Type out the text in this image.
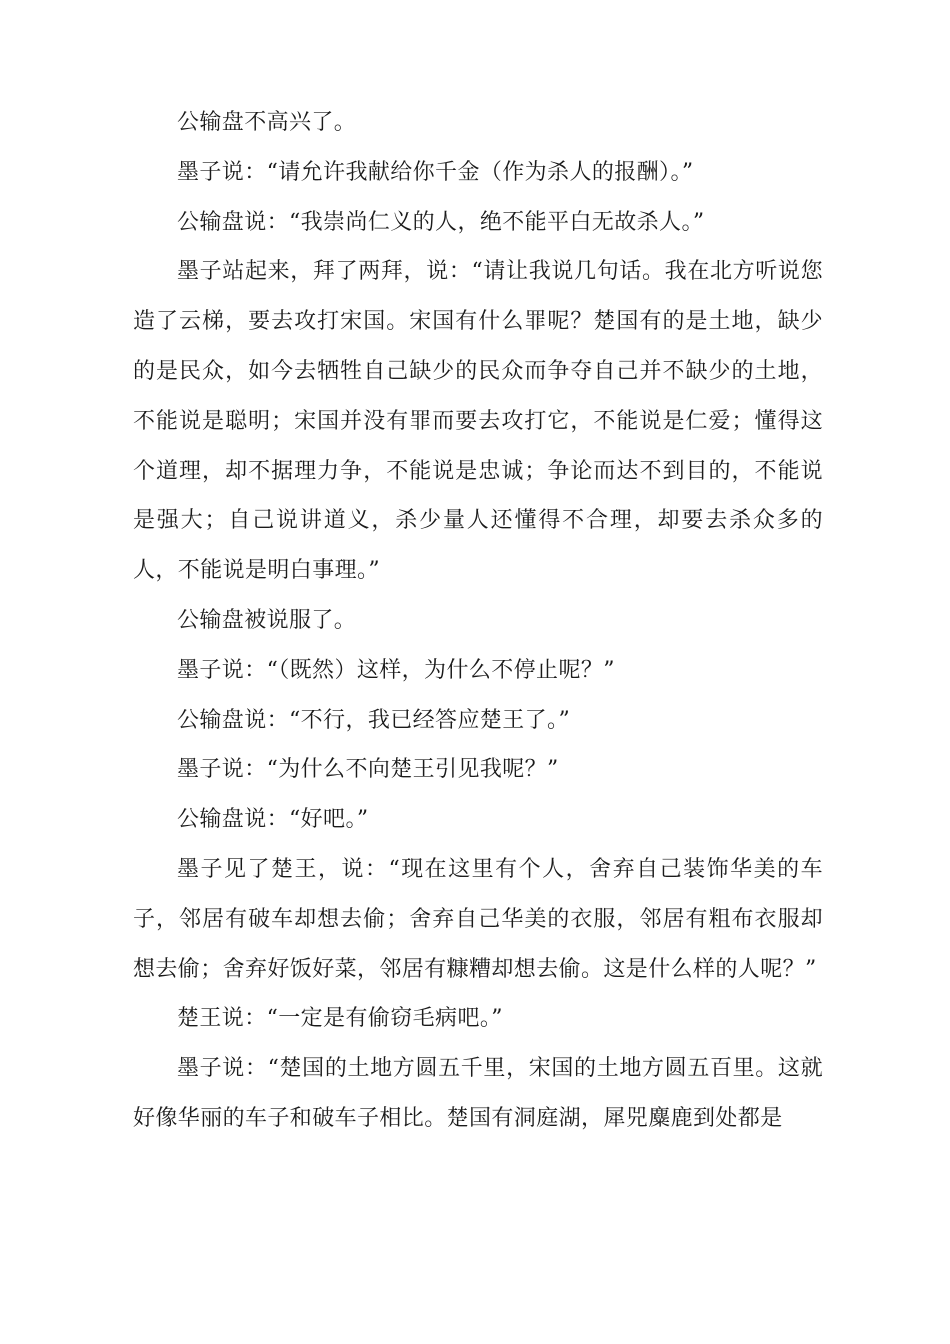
公输盘不高兴了。

墨子说：“请允许我献给你千金（作为杀人的报酬）。”

公输盘说：“我崇尚仁义的人，绝不能平白无故杀人。”

墨子站起来，拜了两拜，说：“请让我说几句话。我在北方听说您造了云梯，要去攻打宋国。宋国有什么罪呢？楚国有的是土地，缺少的是民众，如今去牺牲自己缺少的民众而争夺自己并不缺少的土地，不能说是聪明；宋国并没有罪而要去攻打它，不能说是仁爱；懂得这个道理，却不据理力争，不能说是忠诚；争论而达不到目的，不能说是强大；自己说讲道义，杀少量人还懂得不合理，却要去杀众多的人，不能说是明白事理。”

公输盘被说服了。

墨子说：“（既然）这样，为什么不停止呢？”

公输盘说：“不行，我已经答应楚王了。”

墨子说：“为什么不向楚王引见我呢？”

公输盘说：“好吧。”

墨子见了楚王，说：“现在这里有个人，舍弃自己装饰华美的车子，邻居有破车却想去偷；舍弃自己华美的衣服，邻居有粗布衣服却想去偷；舍弃好饭好菜，邻居有糠糟却想去偷。这是什么样的人呢？”

楚王说：“一定是有偷窃毛病吧。”

墨子说：“楚国的土地方圆五千里，宋国的土地方圆五百里。这就好像华丽的车子和破车子相比。楚国有洞庭湖，犀兕麋鹿到处都是
